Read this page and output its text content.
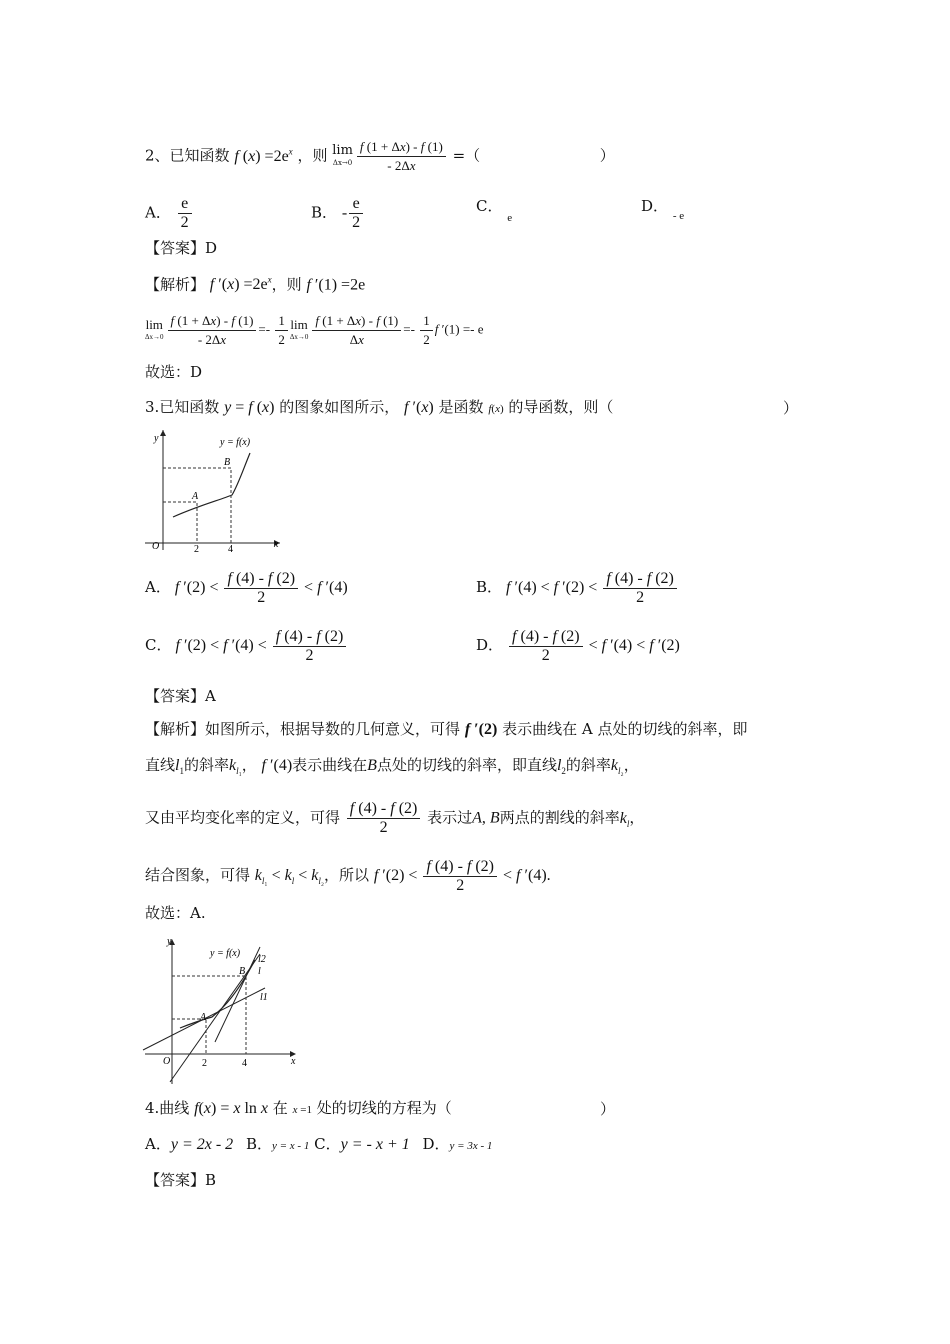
2、已知函数 f $(x) =2e^x$ ，则 lim
$\Delta x\to 0 \frac{f (1 + \Delta x) - f (1)}{- 2\Delta x}$ =（	）
A． $\frac{e}{2}$	B． - $\frac{e}{2}$	C． $_e$
D． $_{- e}$
【答案】D
【解析】 f $'(x) =2e^x$，则 f ′(1) =2e
lim
$\Delta x\to 0 \frac{f (1 + \Delta x) - f (1)}{- 2\Delta x} =- \frac{1}{2}$ lim
$\Delta x\to 0 \frac{f (1 + \Delta x) - f (1)}{\Delta x} =- \frac{1}{2}$ f ′(1) =- e
故选：D
3.已知函数 y = f (x) 的图象如图所示， f ′(x) 是函数 f(x) 的导函数，则（	）
y
x
O	2	4
A
B
y = f(x)
A． f $'(2) < \frac{f (4) - f (2)}{2} < f$ ′(4)	B． f ′(4) < f $'(2) < \frac{f (4) - f (2)}{2}$
C． f ′(2) < f $'(4) < \frac{f (4) - f (2)}{2}$	D． $\frac{f (4) - f (2)}{2} < f$ ′(4) < f ′(2)
【答案】A
【解析】如图所示，根据导数的几何意义，可得 f ′(2) 表示曲线在 A 点处的切线的斜率，即
直线$l_1$的斜率$k_{l_1}$， f ′(4)表示曲线在B点处的切线的斜率，即直线$l_2$的斜率$k_{l_2}$，
又由平均变化率的定义，可得 $\frac{f (4) - f (2)}{2}$ 表示过A, B两点的割线的斜率$k_l$，
结合图象，可得 $k_{l_1} < k_l < k_{l_2}$，所以 f $'(2) < \frac{f (4) - f (2)}{2} < f$ ′(4).
故选：A.
y
x
O	2	4
A
B
y = f(x)
l2
l
l1
4.曲线 f(x) = x ln x 在 x =1 处的切线的方程为（	）
A．y = 2x - 2 B．y = x - 1 C．y = - x + 1 D．y = 3x - 1
【答案】B
